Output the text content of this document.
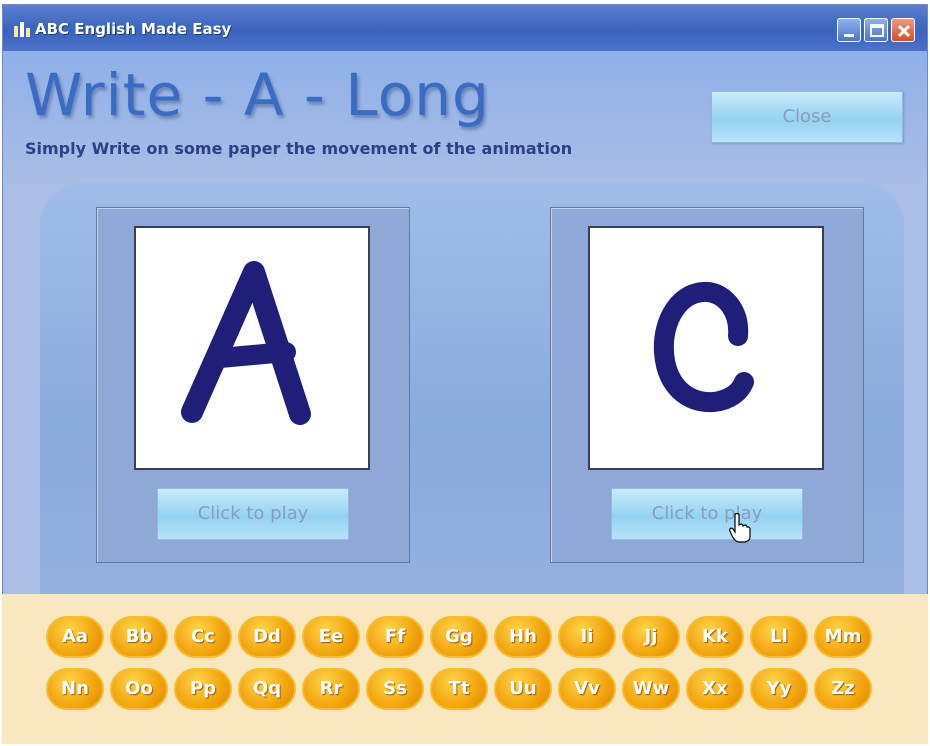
ABC English Made Easy
Write - A - Long
Simply Write on some paper the movement of the animation
Close
Click to play	Click to play
Aa	Bb	Cc	Dd	Ee	Ff	Gg	Hh	Ii	Jj	Kk	Ll	Mm
Nn	Oo	Pp	Qq	Rr	Ss	Tt	Uu	Vv	Ww	Xx	Yy	Zz
